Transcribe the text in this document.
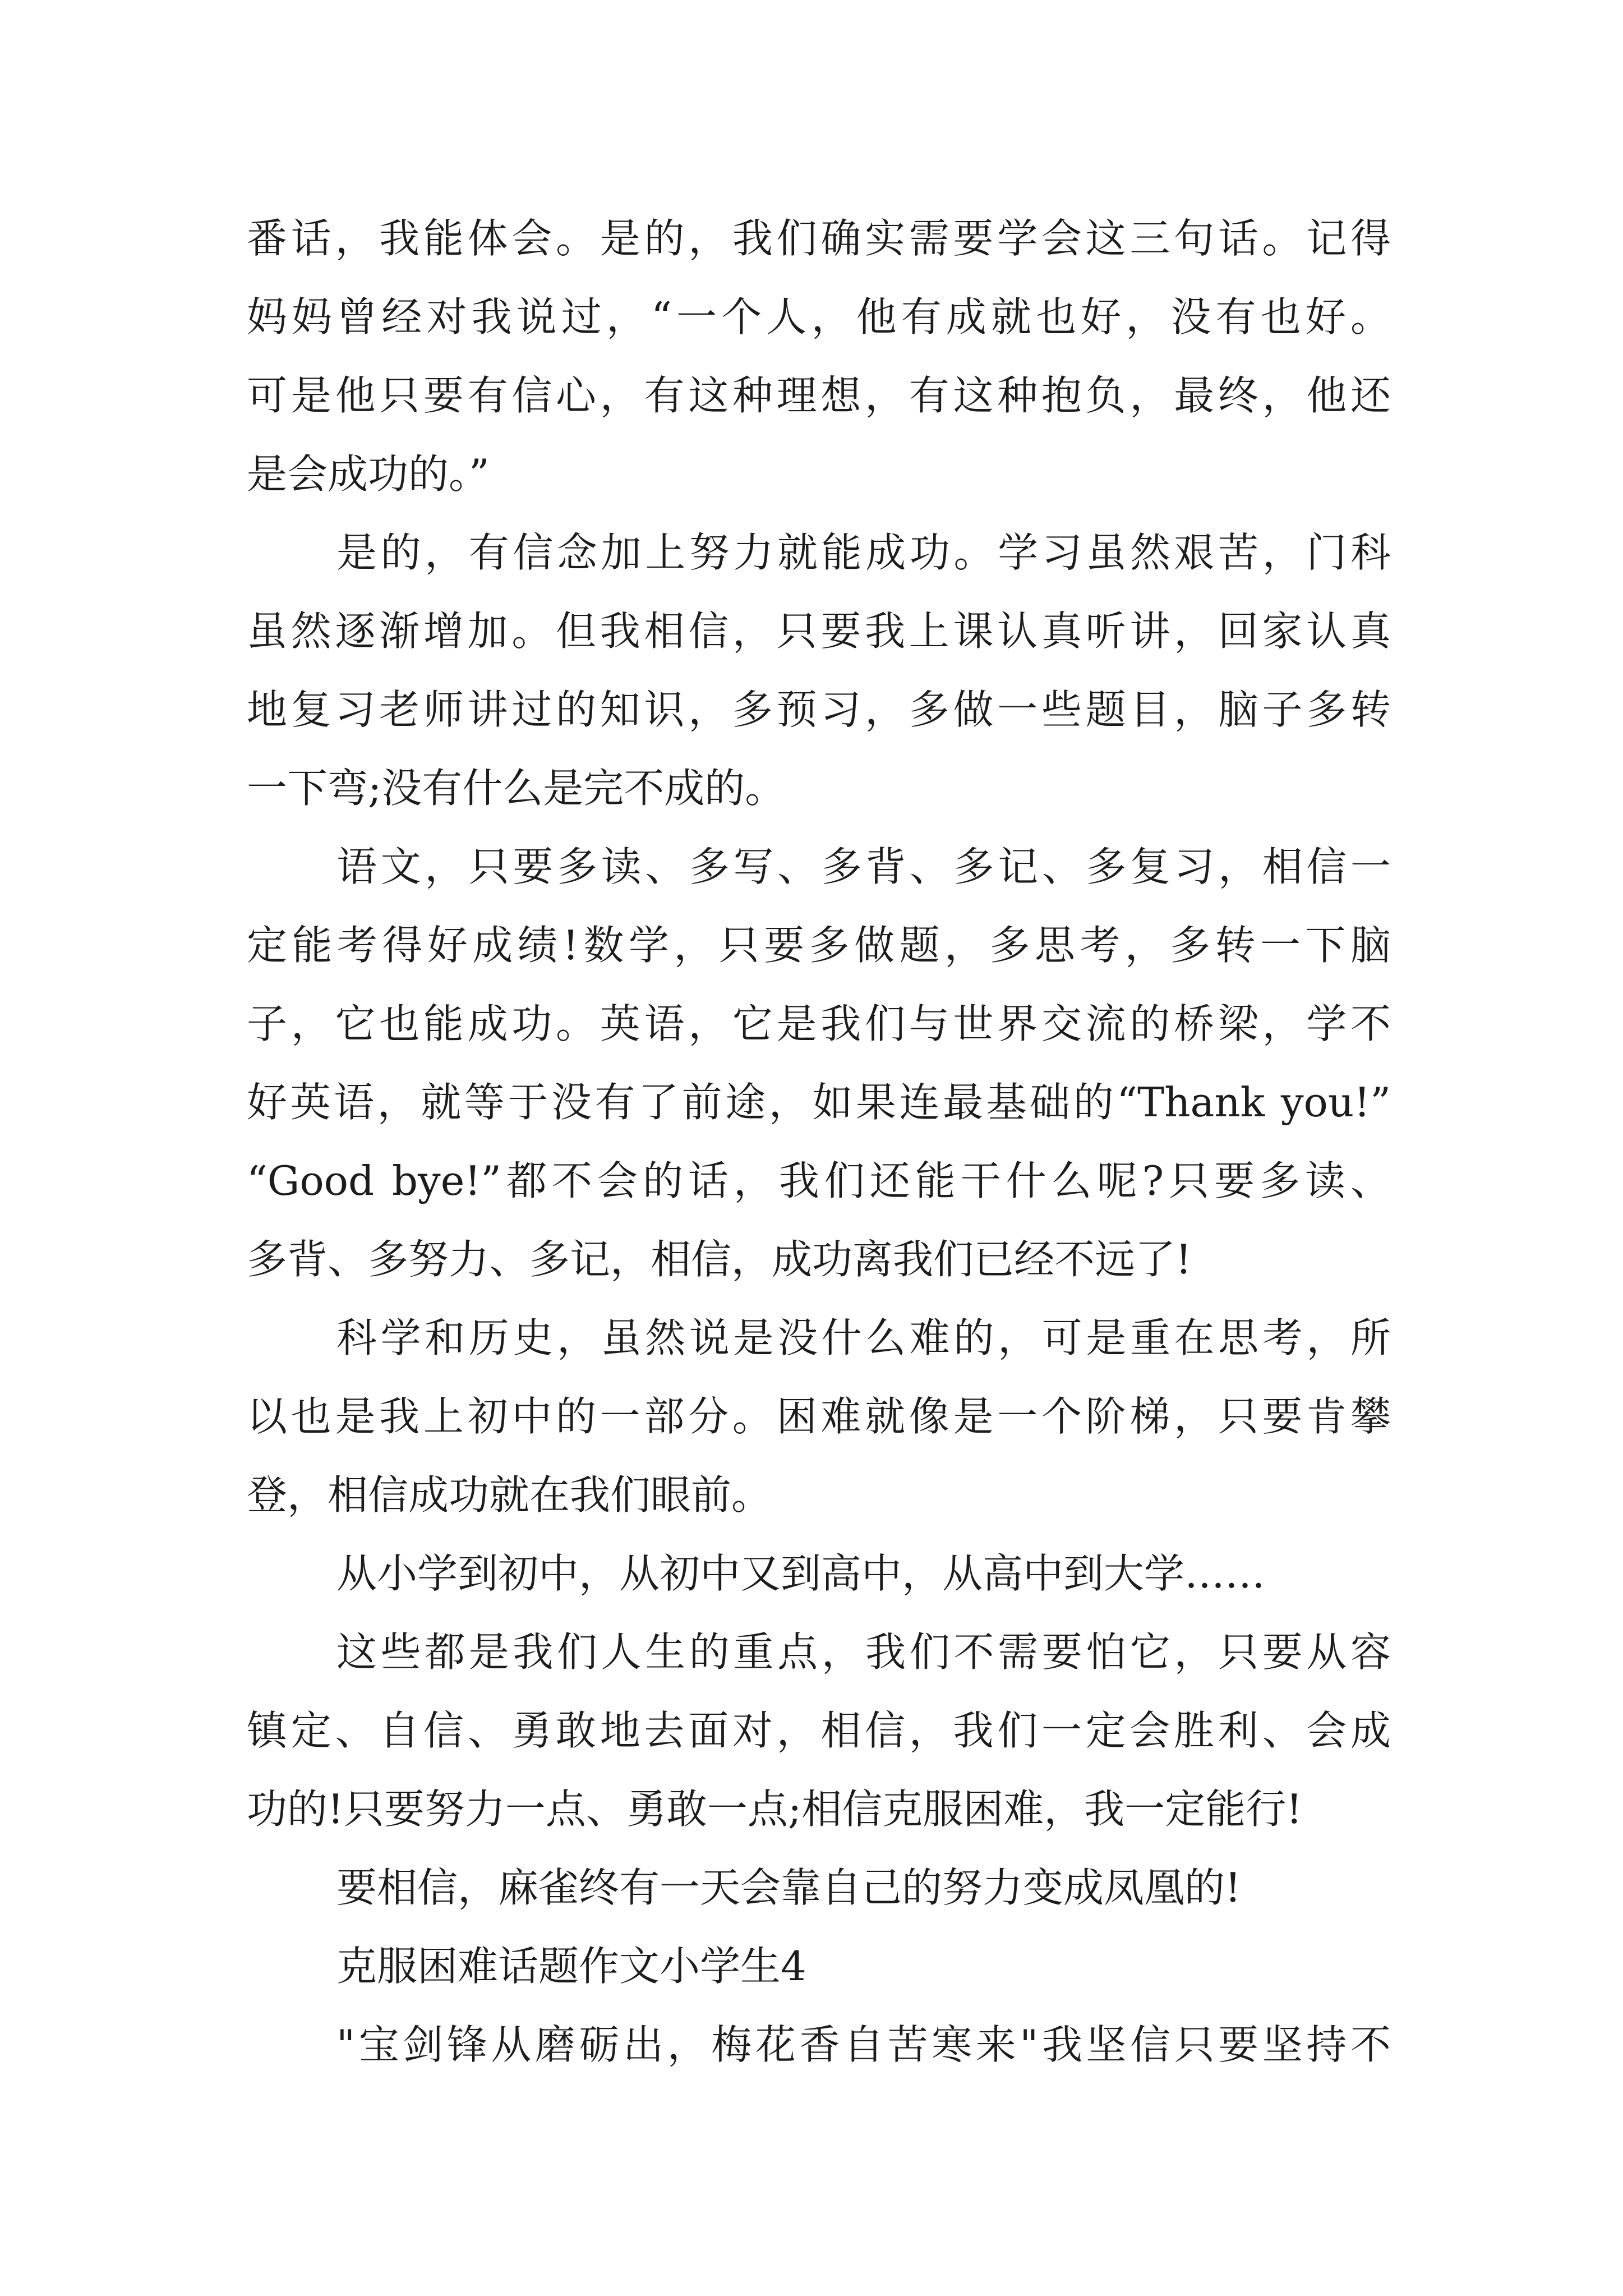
番话，我能体会。是的，我们确实需要学会这三句话。记得
妈妈曾经对我说过，“一个人，他有成就也好，没有也好。
可是他只要有信心，有这种理想，有这种抱负，最终，他还
是会成功的。”
是的，有信念加上努力就能成功。学习虽然艰苦，门科
虽然逐渐增加。但我相信，只要我上课认真听讲，回家认真
地复习老师讲过的知识，多预习，多做一些题目，脑子多转
一下弯;没有什么是完不成的。
语文，只要多读、多写、多背、多记、多复习，相信一
定能考得好成绩!数学，只要多做题，多思考，多转一下脑
子，它也能成功。英语，它是我们与世界交流的桥梁，学不
好英语，就等于没有了前途，如果连最基础的“Thank you!”
“Good bye!”都不会的话，我们还能干什么呢?只要多读、
多背、多努力、多记，相信，成功离我们已经不远了!
科学和历史，虽然说是没什么难的，可是重在思考，所
以也是我上初中的一部分。困难就像是一个阶梯，只要肯攀
登，相信成功就在我们眼前。
从小学到初中，从初中又到高中，从高中到大学……
这些都是我们人生的重点，我们不需要怕它，只要从容
镇定、自信、勇敢地去面对，相信，我们一定会胜利、会成
功的!只要努力一点、勇敢一点;相信克服困难，我一定能行!
要相信，麻雀终有一天会靠自己的努力变成凤凰的!
克服困难话题作文小学生4
"宝剑锋从磨砺出，梅花香自苦寒来"我坚信只要坚持不
